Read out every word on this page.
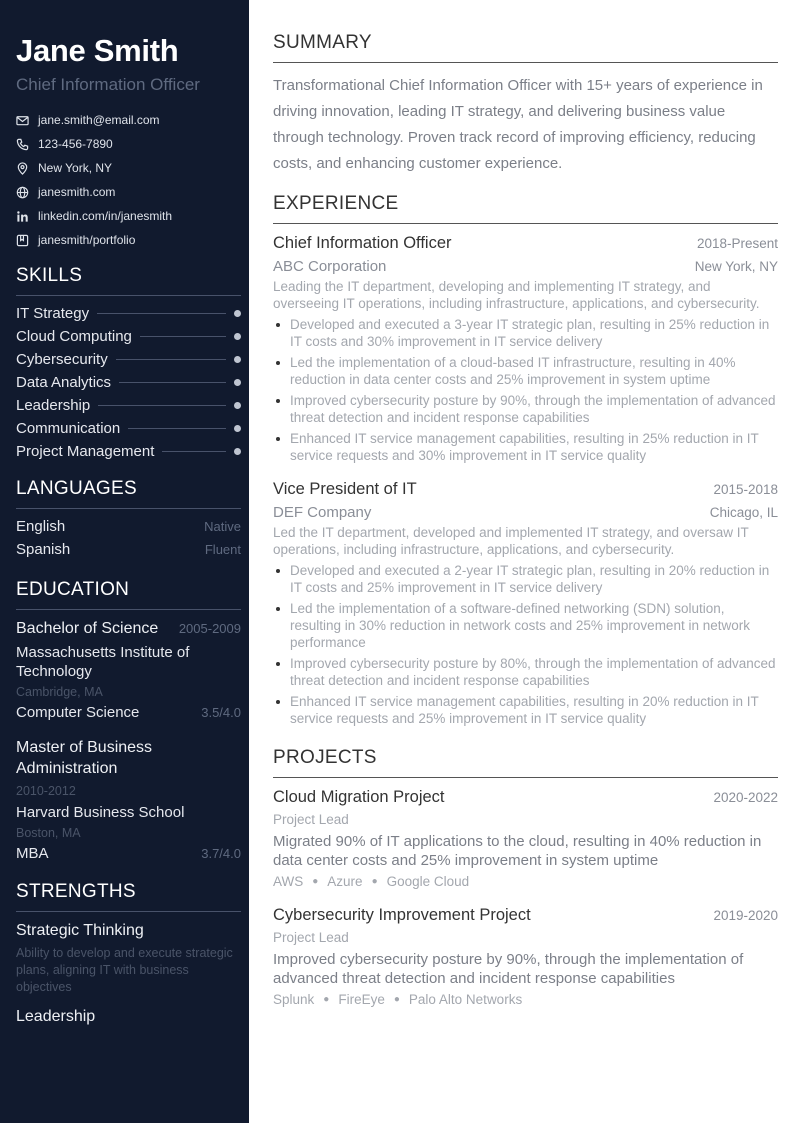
Jane Smith
Chief Information Officer
jane.smith@email.com
123-456-7890
New York, NY
janesmith.com
linkedin.com/in/janesmith
janesmith/portfolio
SKILLS
IT Strategy
Cloud Computing
Cybersecurity
Data Analytics
Leadership
Communication
Project Management
LANGUAGES
English	Native
Spanish	Fluent
EDUCATION
Bachelor of Science 2005-2009
Massachusetts Institute of Technology
Cambridge, MA
Computer Science	3.5/4.0
Master of Business Administration
2010-2012
Harvard Business School
Boston, MA
MBA	3.7/4.0
STRENGTHS
Strategic Thinking
Ability to develop and execute strategic plans, aligning IT with business objectives
Leadership
SUMMARY
Transformational Chief Information Officer with 15+ years of experience in driving innovation, leading IT strategy, and delivering business value through technology. Proven track record of improving efficiency, reducing costs, and enhancing customer experience.
EXPERIENCE
Chief Information Officer	2018-Present
ABC Corporation	New York, NY
Leading the IT department, developing and implementing IT strategy, and overseeing IT operations, including infrastructure, applications, and cybersecurity.
Developed and executed a 3-year IT strategic plan, resulting in 25% reduction in IT costs and 30% improvement in IT service delivery
Led the implementation of a cloud-based IT infrastructure, resulting in 40% reduction in data center costs and 25% improvement in system uptime
Improved cybersecurity posture by 90%, through the implementation of advanced threat detection and incident response capabilities
Enhanced IT service management capabilities, resulting in 25% reduction in IT service requests and 30% improvement in IT service quality
Vice President of IT	2015-2018
DEF Company	Chicago, IL
Led the IT department, developed and implemented IT strategy, and oversaw IT operations, including infrastructure, applications, and cybersecurity.
Developed and executed a 2-year IT strategic plan, resulting in 20% reduction in IT costs and 25% improvement in IT service delivery
Led the implementation of a software-defined networking (SDN) solution, resulting in 30% reduction in network costs and 25% improvement in network performance
Improved cybersecurity posture by 80%, through the implementation of advanced threat detection and incident response capabilities
Enhanced IT service management capabilities, resulting in 20% reduction in IT service requests and 25% improvement in IT service quality
PROJECTS
Cloud Migration Project	2020-2022
Project Lead
Migrated 90% of IT applications to the cloud, resulting in 40% reduction in data center costs and 25% improvement in system uptime
AWS ● Azure ● Google Cloud
Cybersecurity Improvement Project	2019-2020
Project Lead
Improved cybersecurity posture by 90%, through the implementation of advanced threat detection and incident response capabilities
Splunk ● FireEye ● Palo Alto Networks
